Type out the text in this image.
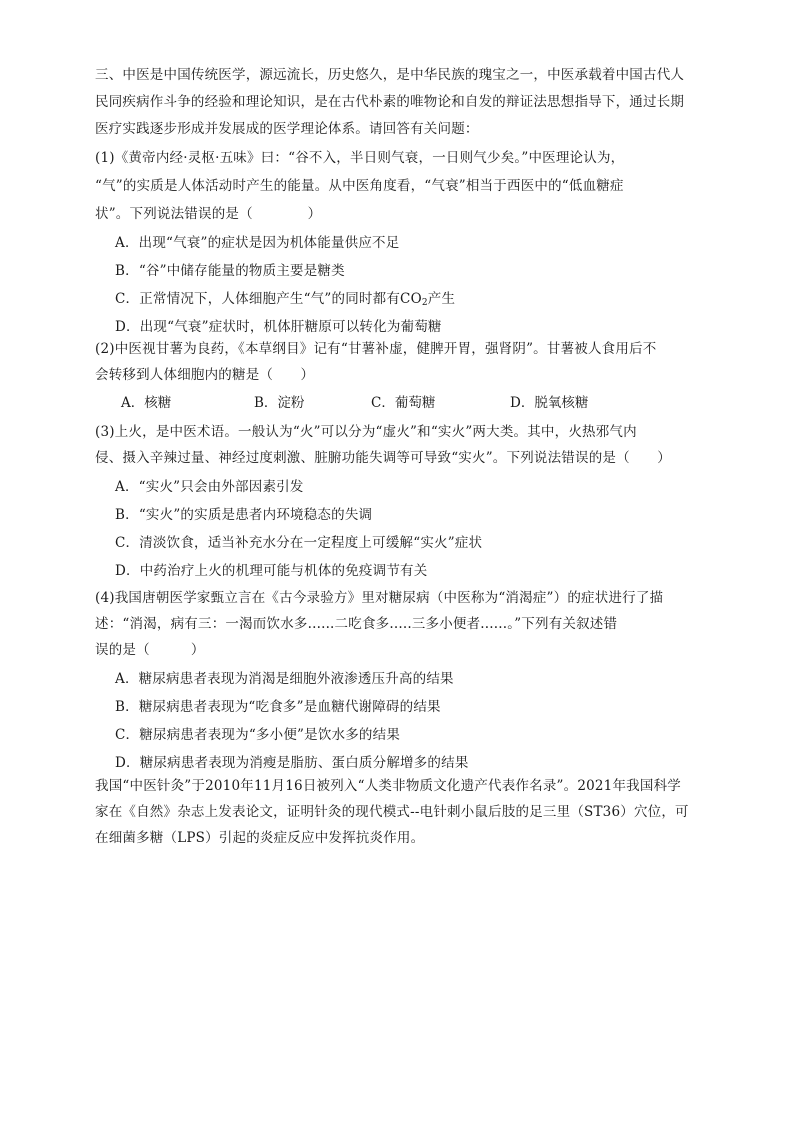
三、中医是中国传统医学，源远流长，历史悠久，是中华民族的瑰宝之一，中医承载着中国古代人
民同疾病作斗争的经验和理论知识，是在古代朴素的唯物论和自发的辩证法思想指导下，通过长期
医疗实践逐步形成并发展成的医学理论体系。请回答有关问题：
(1)《黄帝内经·灵枢·五味》曰：“谷不入，半日则气衰，一日则气少矣。”中医理论认为，
“气”的实质是人体活动时产生的能量。从中医角度看，“气衰”相当于西医中的“低血糖症
状”。下列说法错误的是（　　　　）
A．出现“气衰”的症状是因为机体能量供应不足
B．“谷”中储存能量的物质主要是糖类
C．正常情况下，人体细胞产生“气”的同时都有$CO_2$产生
D．出现“气衰”症状时，机体肝糖原可以转化为葡萄糖
(2)中医视甘薯为良药，《本草纲目》记有“甘薯补虚，健脾开胃，强肾阴”。甘薯被人食用后不
会转移到人体细胞内的糖是（　　）
A．核糖	B．淀粉	C．葡萄糖	D．脱氧核糖
(3)上火，是中医术语。一般认为“火”可以分为“虚火”和“实火”两大类。其中，火热邪气内
侵、摄入辛辣过量、神经过度刺激、脏腑功能失调等可导致“实火”。下列说法错误的是（　　）
A．“实火”只会由外部因素引发
B．“实火”的实质是患者内环境稳态的失调
C．清淡饮食，适当补充水分在一定程度上可缓解“实火”症状
D．中药治疗上火的机理可能与机体的免疫调节有关
(4)我国唐朝医学家甄立言在《古今录验方》里对糖尿病（中医称为“消渴症”）的症状进行了描
述：“消渴，病有三：一渴而饮水多......二吃食多.....三多小便者......。”下列有关叙述错
误的是（　　　）
A．糖尿病患者表现为消渴是细胞外液渗透压升高的结果
B．糖尿病患者表现为“吃食多”是血糖代谢障碍的结果
C．糖尿病患者表现为“多小便”是饮水多的结果
D．糖尿病患者表现为消瘦是脂肪、蛋白质分解增多的结果
我国“中医针灸”于2010年11月16日被列入“人类非物质文化遗产代表作名录”。2021年我国科学
家在《自然》杂志上发表论文，证明针灸的现代模式--电针刺小鼠后肢的足三里（ST36）穴位，可
在细菌多糖（LPS）引起的炎症反应中发挥抗炎作用。
